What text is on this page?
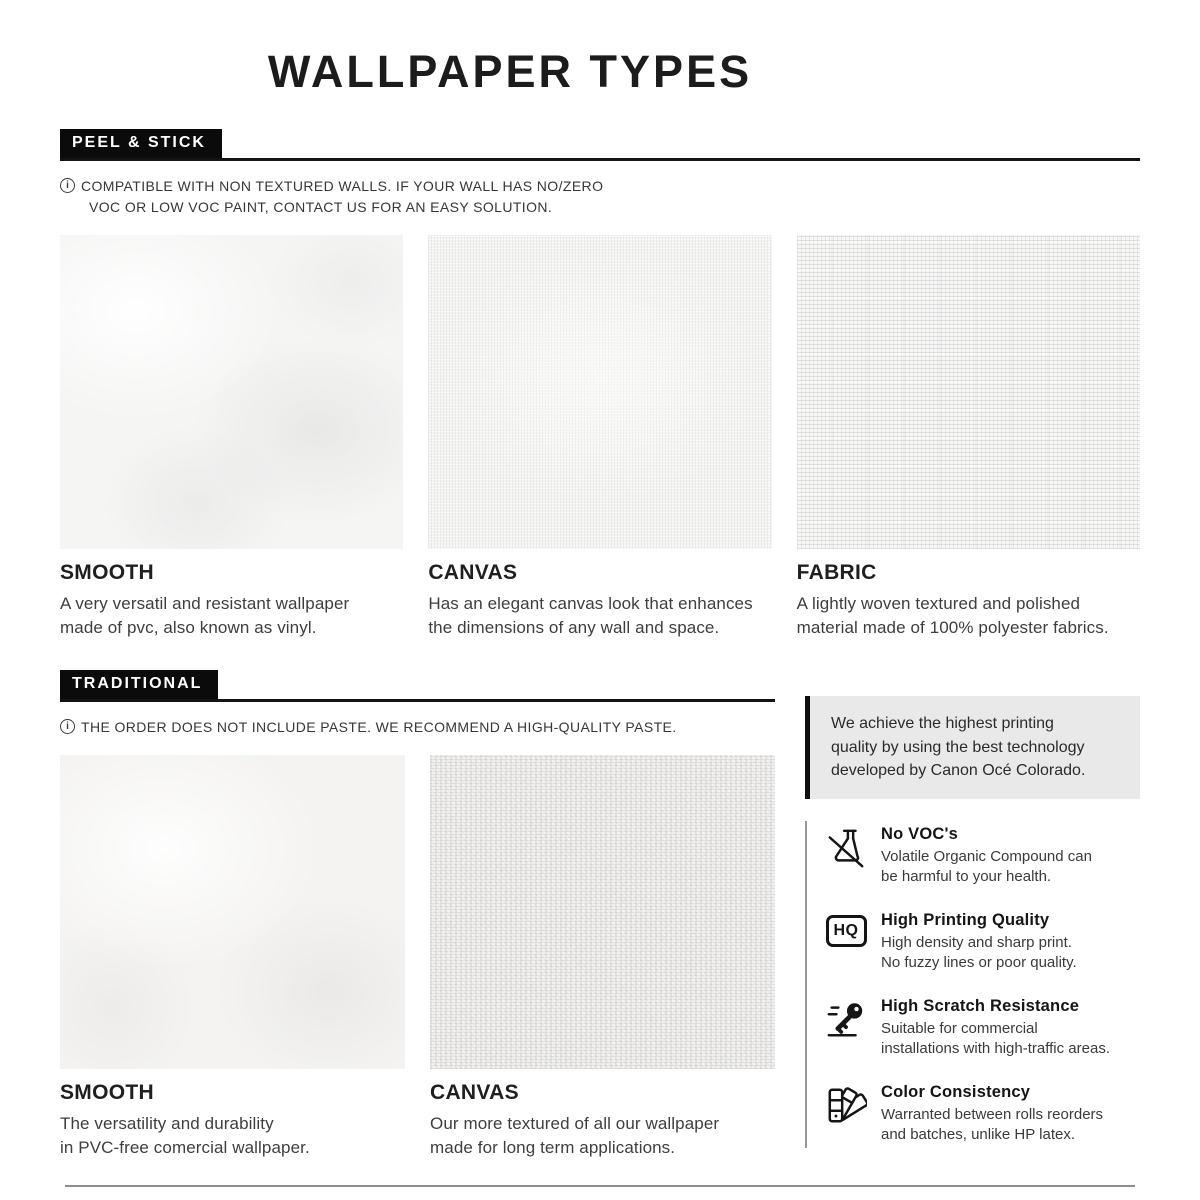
WALLPAPER TYPES
PEEL & STICK
i COMPATIBLE WITH NON TEXTURED WALLS. IF YOUR WALL HAS NO/ZERO
VOC OR LOW VOC PAINT, CONTACT US FOR AN EASY SOLUTION.
SMOOTH
A very versatil and resistant wallpaper
made of pvc, also known as vinyl.
CANVAS
Has an elegant canvas look that enhances
the dimensions of any wall and space.
FABRIC
A lightly woven textured and polished
material made of 100% polyester fabrics.
TRADITIONAL
i THE ORDER DOES NOT INCLUDE PASTE. WE RECOMMEND A HIGH-QUALITY PASTE.
SMOOTH
The versatility and durability
in PVC-free comercial wallpaper.
CANVAS
Our more textured of all our wallpaper
made for long term applications.
We achieve the highest printing
quality by using the best technology
developed by Canon Océ Colorado.
No VOC's
Volatile Organic Compound can
be harmful to your health.
HQ
High Printing Quality
High density and sharp print.
No fuzzy lines or poor quality.
High Scratch Resistance
Suitable for commercial
installations with high-traffic areas.
Color Consistency
Warranted between rolls reorders
and batches, unlike HP latex.
